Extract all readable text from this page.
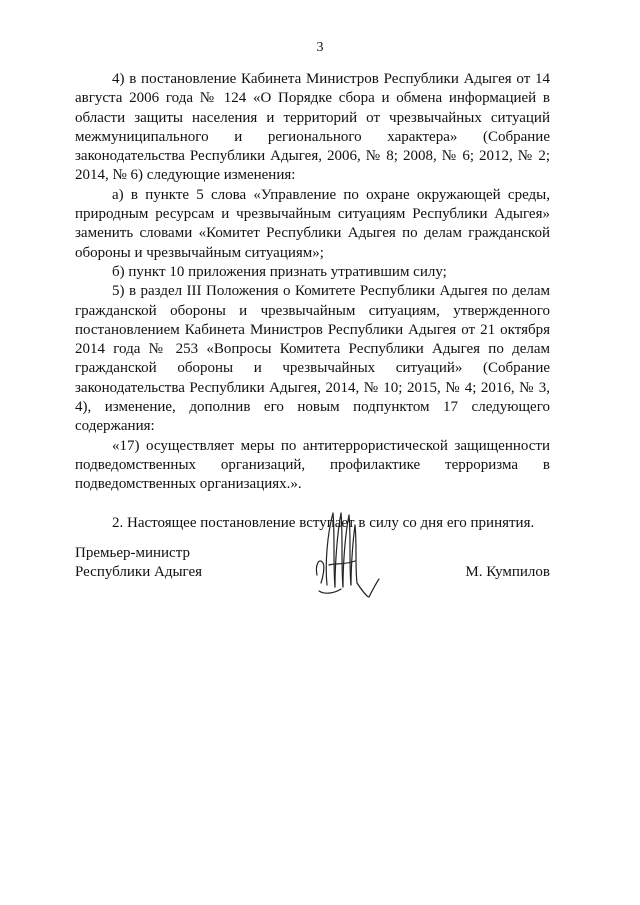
3

4) в постановление Кабинета Министров Республики Адыгея от 14 августа 2006 года № 124 «О Порядке сбора и обмена информацией в области защиты населения и территорий от чрезвычайных ситуаций межмуниципального и регионального характера» (Собрание законодательства Республики Адыгея, 2006, № 8; 2008, № 6; 2012, № 2; 2014, № 6) следующие изменения:

а) в пункте 5 слова «Управление по охране окружающей среды, природным ресурсам и чрезвычайным ситуациям Республики Адыгея» заменить словами «Комитет Республики Адыгея по делам гражданской обороны и чрезвычайным ситуациям»;

б) пункт 10 приложения признать утратившим силу;

5) в раздел III Положения о Комитете Республики Адыгея по делам гражданской обороны и чрезвычайным ситуациям, утвержденного постановлением Кабинета Министров Республики Адыгея от 21 октября 2014 года № 253 «Вопросы Комитета Республики Адыгея по делам гражданской обороны и чрезвычайных ситуаций» (Собрание законодательства Республики Адыгея, 2014, № 10; 2015, № 4; 2016, № 3, 4), изменение, дополнив его новым подпунктом 17 следующего содержания:

«17) осуществляет меры по антитеррористической защищенности подведомственных организаций, профилактике терроризма в подведомственных организациях.».

2. Настоящее постановление вступает в силу со дня его принятия.

Премьер-министр
Республики Адыгея	М. Кумпилов
